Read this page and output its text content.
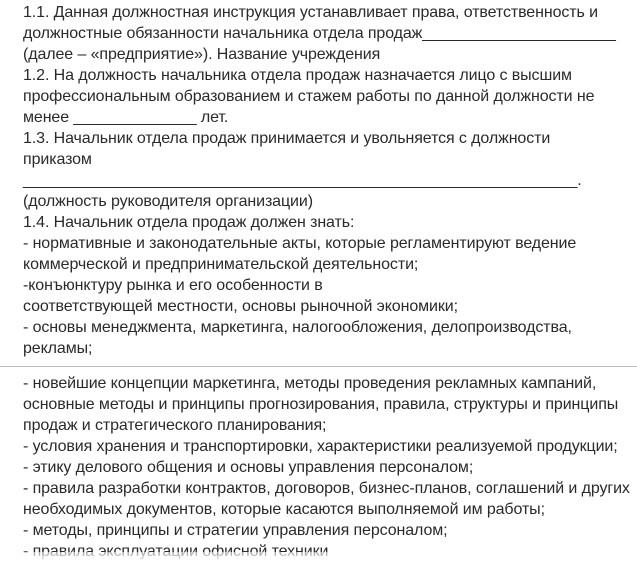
1.1. Данная должностная инструкция устанавливает права, ответственность и
должностные обязанности начальника отдела продаж______________________
(далее – «предприятие»). Название учреждения
1.2. На должность начальника отдела продаж назначается лицо с высшим
профессиональным образованием и стажем работы по данной должности не
менее ______________ лет.
1.3. Начальник отдела продаж принимается и увольняется с должности
приказом
_______________________________________________________________.
(должность руководителя организации)
1.4. Начальник отдела продаж должен знать:
- нормативные и законодательные акты, которые регламентируют ведение
коммерческой и предпринимательской деятельности;
-конъюнктуру рынка и его особенности в
соответствующей местности, основы рыночной экономики;
- основы менеджмента, маркетинга, налогообложения, делопроизводства,
рекламы;
- новейшие концепции маркетинга, методы проведения рекламных кампаний,
основные методы и принципы прогнозирования, правила, структуры и принципы
продаж и стратегического планирования;
- условия хранения и транспортировки, характеристики реализуемой продукции;
- этику делового общения и основы управления персоналом;
- правила разработки контрактов, договоров, бизнес-планов, соглашений и других
необходимых документов, которые касаются выполняемой им работы;
- методы, принципы и стратегии управления персоналом;
